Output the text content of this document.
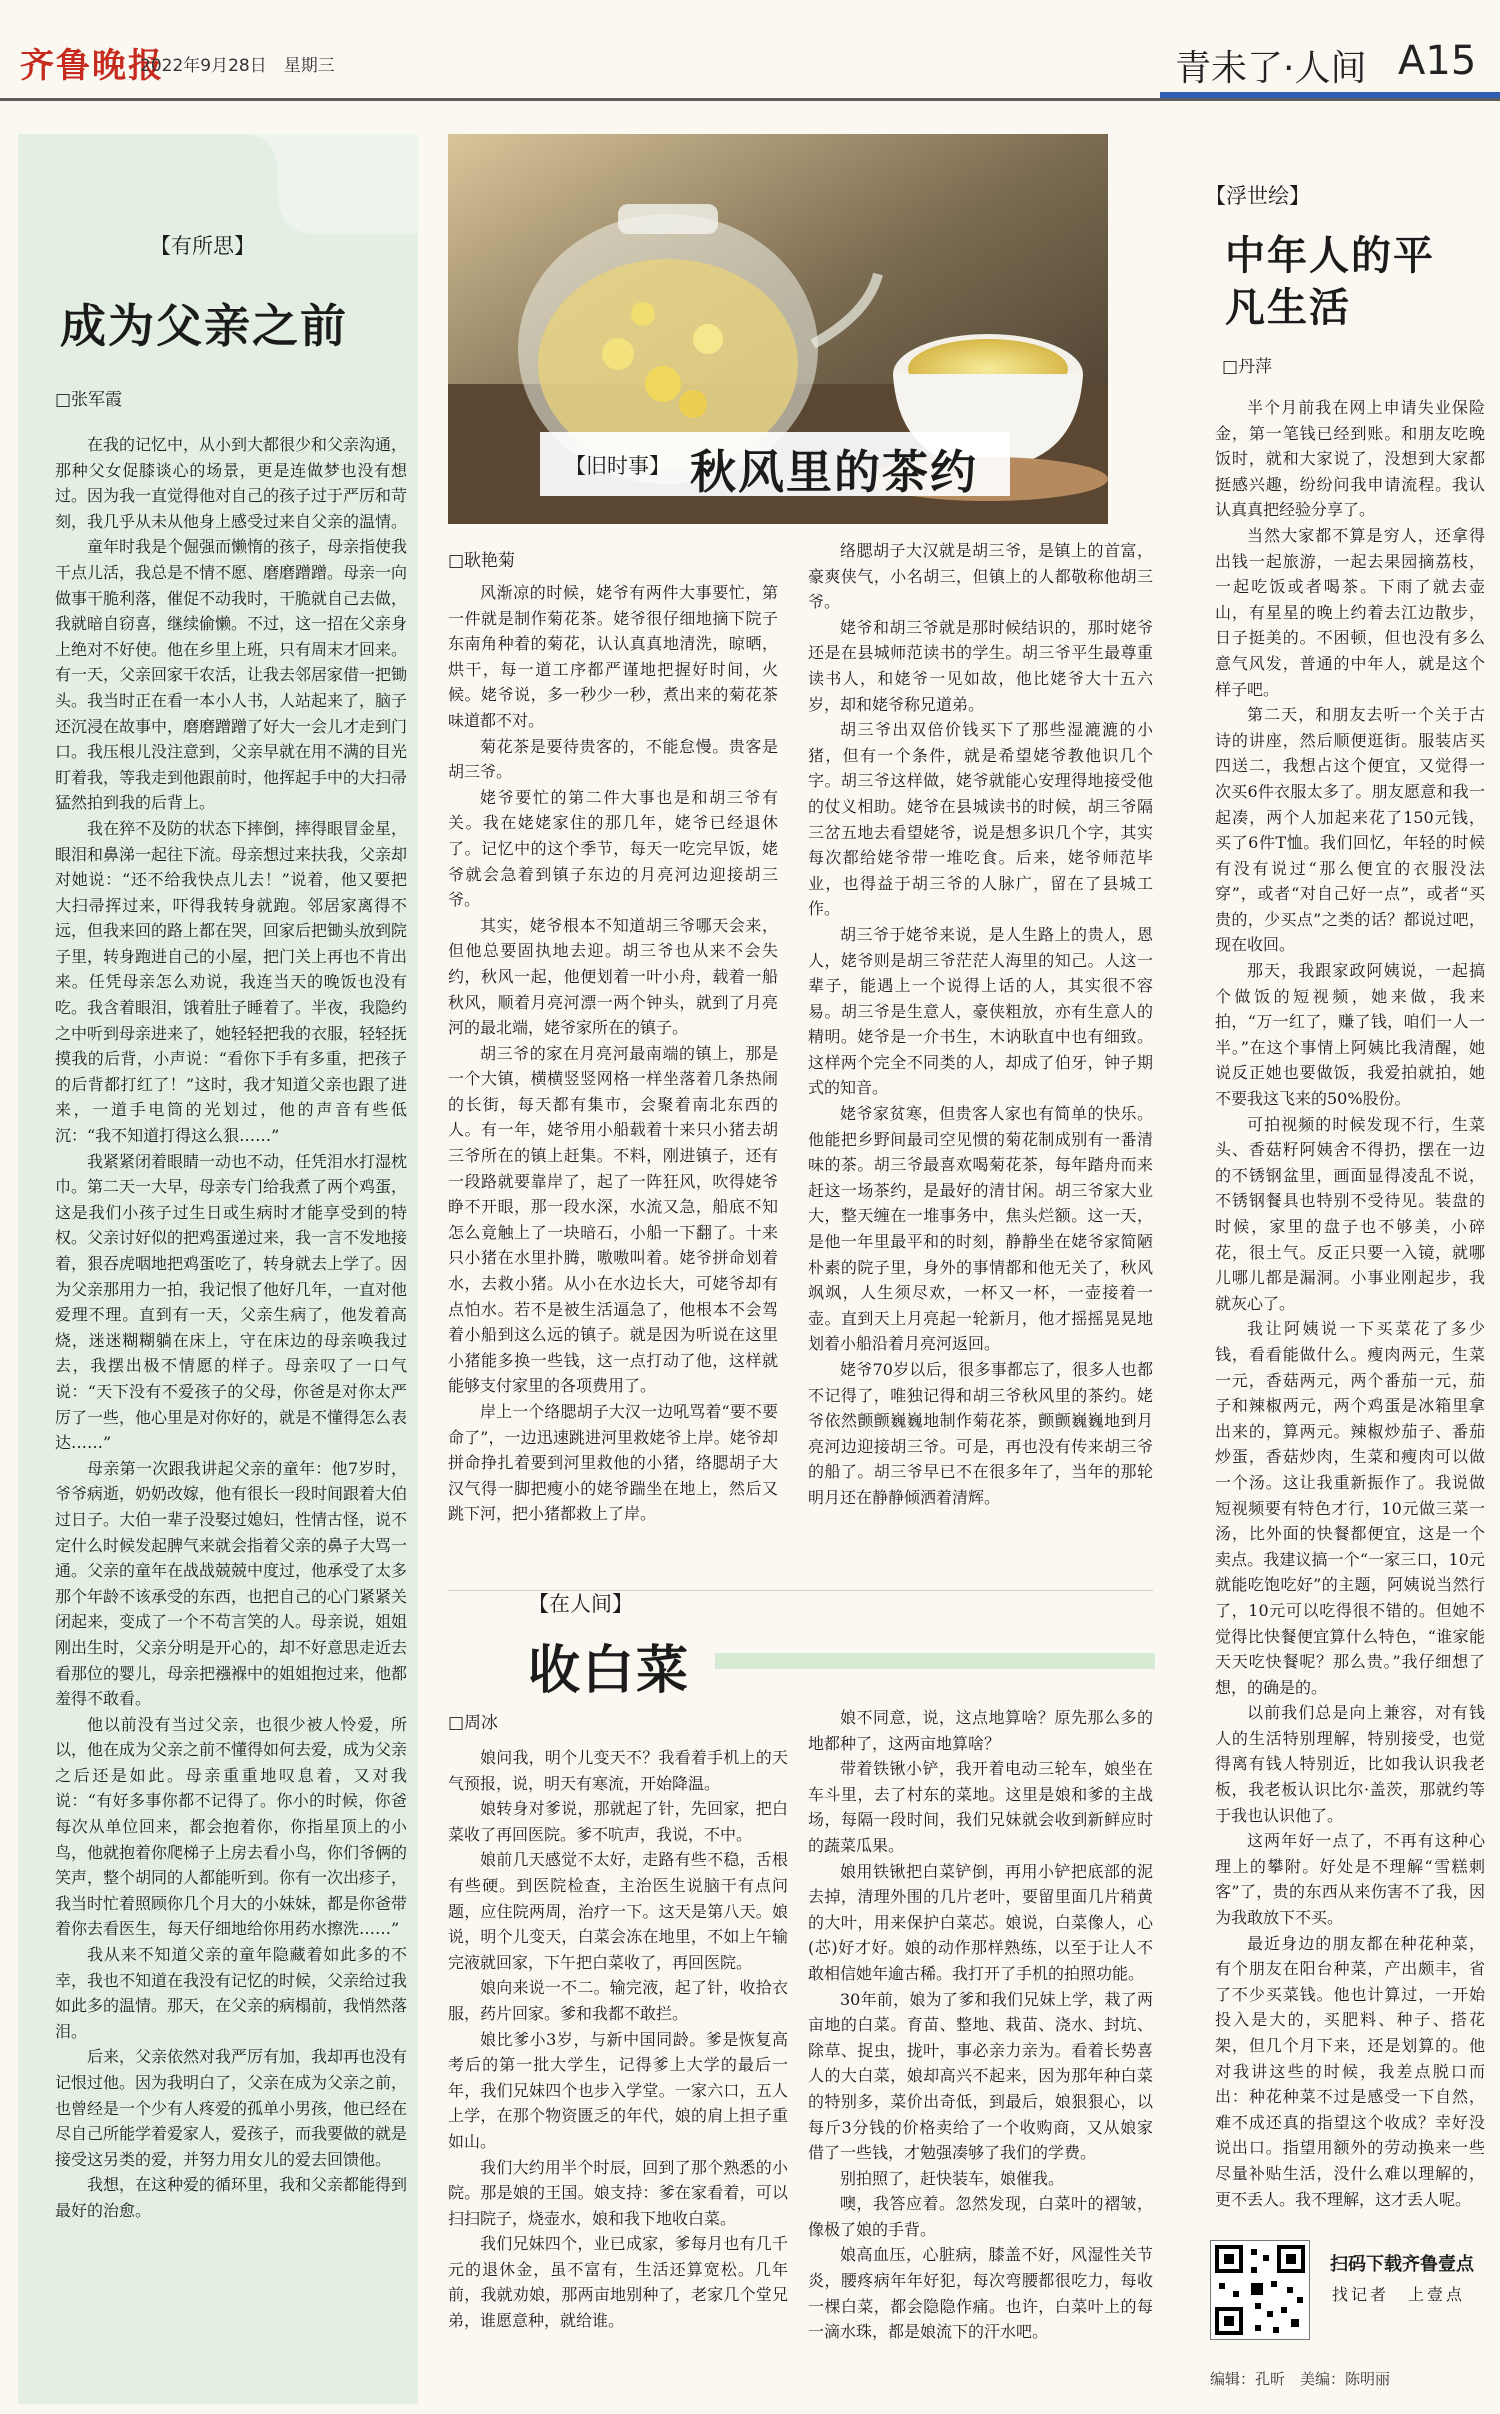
齐鲁晚报
2022年9月28日　星期三	青未了·人间 A15
【有所思】
成为父亲之前
□张军霞

在我的记忆中，从小到大都很少和父亲沟通，那种父女促膝谈心的场景，更是连做梦也没有想过。因为我一直觉得他对自己的孩子过于严厉和苛刻，我几乎从未从他身上感受过来自父亲的温情。

童年时我是个倔强而懒惰的孩子，母亲指使我干点儿活，我总是不情不愿、磨磨蹭蹭。母亲一向做事干脆利落，催促不动我时，干脆就自己去做，我就暗自窃喜，继续偷懒。不过，这一招在父亲身上绝对不好使。他在乡里上班，只有周末才回来。有一天，父亲回家干农活，让我去邻居家借一把锄头。我当时正在看一本小人书，人站起来了，脑子还沉浸在故事中，磨磨蹭蹭了好大一会儿才走到门口。我压根儿没注意到，父亲早就在用不满的目光盯着我，等我走到他跟前时，他挥起手中的大扫帚猛然拍到我的后背上。

我在猝不及防的状态下摔倒，摔得眼冒金星，眼泪和鼻涕一起往下流。母亲想过来扶我，父亲却对她说：“还不给我快点儿去！”说着，他又要把大扫帚挥过来，吓得我转身就跑。邻居家离得不远，但我来回的路上都在哭，回家后把锄头放到院子里，转身跑进自己的小屋，把门关上再也不肯出来。任凭母亲怎么劝说，我连当天的晚饭也没有吃。我含着眼泪，饿着肚子睡着了。半夜，我隐约之中听到母亲进来了，她轻轻把我的衣服，轻轻抚摸我的后背，小声说：“看你下手有多重，把孩子的后背都打红了！”这时，我才知道父亲也跟了进来，一道手电筒的光划过，他的声音有些低沉：“我不知道打得这么狠……”

我紧紧闭着眼睛一动也不动，任凭泪水打湿枕巾。第二天一大早，母亲专门给我煮了两个鸡蛋，这是我们小孩子过生日或生病时才能享受到的特权。父亲讨好似的把鸡蛋递过来，我一言不发地接着，狠吞虎咽地把鸡蛋吃了，转身就去上学了。因为父亲那用力一拍，我记恨了他好几年，一直对他爱理不理。直到有一天，父亲生病了，他发着高烧，迷迷糊糊躺在床上，守在床边的母亲唤我过去，我摆出极不情愿的样子。母亲叹了一口气说：“天下没有不爱孩子的父母，你爸是对你太严厉了一些，他心里是对你好的，就是不懂得怎么表达……”

母亲第一次跟我讲起父亲的童年：他7岁时，爷爷病逝，奶奶改嫁，他有很长一段时间跟着大伯过日子。大伯一辈子没娶过媳妇，性情古怪，说不定什么时候发起脾气来就会指着父亲的鼻子大骂一通。父亲的童年在战战兢兢中度过，他承受了太多那个年龄不该承受的东西，也把自己的心门紧紧关闭起来，变成了一个不苟言笑的人。母亲说，姐姐刚出生时，父亲分明是开心的，却不好意思走近去看那位的婴儿，母亲把襁褓中的姐姐抱过来，他都羞得不敢看。

他以前没有当过父亲，也很少被人怜爱，所以，他在成为父亲之前不懂得如何去爱，成为父亲之后还是如此。母亲重重地叹息着，又对我说：“有好多事你都不记得了。你小的时候，你爸每次从单位回来，都会抱着你，你指星顶上的小鸟，他就抱着你爬梯子上房去看小鸟，你们爷俩的笑声，整个胡同的人都能听到。你有一次出疹子，我当时忙着照顾你几个月大的小妹妹，都是你爸带着你去看医生，每天仔细地给你用药水擦洗……”

我从来不知道父亲的童年隐藏着如此多的不幸，我也不知道在我没有记忆的时候，父亲给过我如此多的温情。那天，在父亲的病榻前，我悄然落泪。

后来，父亲依然对我严厉有加，我却再也没有记恨过他。因为我明白了，父亲在成为父亲之前，也曾经是一个少有人疼爱的孤单小男孩，他已经在尽自己所能学着爱家人，爱孩子，而我要做的就是接受这另类的爱，并努力用女儿的爱去回馈他。

我想，在这种爱的循环里，我和父亲都能得到最好的治愈。

【旧时事】 秋风里的茶约
□耿艳菊

风渐凉的时候，姥爷有两件大事要忙，第一件就是制作菊花茶。姥爷很仔细地摘下院子东南角种着的菊花，认认真真地清洗，晾晒，烘干，每一道工序都严谨地把握好时间，火候。姥爷说，多一秒少一秒，煮出来的菊花茶味道都不对。

菊花茶是要待贵客的，不能怠慢。贵客是胡三爷。

姥爷要忙的第二件大事也是和胡三爷有关。我在姥姥家住的那几年，姥爷已经退休了。记忆中的这个季节，每天一吃完早饭，姥爷就会急着到镇子东边的月亮河边迎接胡三爷。

其实，姥爷根本不知道胡三爷哪天会来，但他总要固执地去迎。胡三爷也从来不会失约，秋风一起，他便划着一叶小舟，载着一船秋风，顺着月亮河漂一两个钟头，就到了月亮河的最北端，姥爷家所在的镇子。

胡三爷的家在月亮河最南端的镇上，那是一个大镇，横横竖竖网格一样坐落着几条热闹的长街，每天都有集市，会聚着南北东西的人。有一年，姥爷用小船载着十来只小猪去胡三爷所在的镇上赶集。不料，刚进镇子，还有一段路就要靠岸了，起了一阵狂风，吹得姥爷睁不开眼，那一段水深，水流又急，船底不知怎么竟触上了一块暗石，小船一下翻了。十来只小猪在水里扑腾，嗷嗷叫着。姥爷拼命划着水，去救小猪。从小在水边长大，可姥爷却有点怕水。若不是被生活逼急了，他根本不会驾着小船到这么远的镇子。就是因为听说在这里小猪能多换一些钱，这一点打动了他，这样就能够支付家里的各项费用了。

岸上一个络腮胡子大汉一边吼骂着“要不要命了”，一边迅速跳进河里救姥爷上岸。姥爷却拼命挣扎着要到河里救他的小猪，络腮胡子大汉气得一脚把瘦小的姥爷踹坐在地上，然后又跳下河，把小猪都救上了岸。

络腮胡子大汉就是胡三爷，是镇上的首富，豪爽侠气，小名胡三，但镇上的人都敬称他胡三爷。

姥爷和胡三爷就是那时候结识的，那时姥爷还是在县城师范读书的学生。胡三爷平生最尊重读书人，和姥爷一见如故，他比姥爷大十五六岁，却和姥爷称兄道弟。

胡三爷出双倍价钱买下了那些湿漉漉的小猪，但有一个条件，就是希望姥爷教他识几个字。胡三爷这样做，姥爷就能心安理得地接受他的仗义相助。姥爷在县城读书的时候，胡三爷隔三岔五地去看望姥爷，说是想多识几个字，其实每次都给姥爷带一堆吃食。后来，姥爷师范毕业，也得益于胡三爷的人脉广，留在了县城工作。

胡三爷于姥爷来说，是人生路上的贵人，恩人，姥爷则是胡三爷茫茫人海里的知己。人这一辈子，能遇上一个说得上话的人，其实很不容易。胡三爷是生意人，豪侠粗放，亦有生意人的精明。姥爷是一介书生，木讷耿直中也有细致。这样两个完全不同类的人，却成了伯牙，钟子期式的知音。

姥爷家贫寒，但贵客人家也有简单的快乐。他能把乡野间最司空见惯的菊花制成别有一番清味的茶。胡三爷最喜欢喝菊花茶，每年踏舟而来赶这一场茶约，是最好的清甘闲。胡三爷家大业大，整天缠在一堆事务中，焦头烂额。这一天，是他一年里最平和的时刻，静静坐在姥爷家简陋朴素的院子里，身外的事情都和他无关了，秋风飒飒，人生须尽欢，一杯又一杯，一壶接着一壶。直到天上月亮起一轮新月，他才摇摇晃晃地划着小船沿着月亮河返回。

姥爷70岁以后，很多事都忘了，很多人也都不记得了，唯独记得和胡三爷秋风里的茶约。姥爷依然颤颤巍巍地制作菊花茶，颤颤巍巍地到月亮河边迎接胡三爷。可是，再也没有传来胡三爷的船了。胡三爷早已不在很多年了，当年的那轮明月还在静静倾洒着清辉。

【在人间】
收白菜
□周冰

娘问我，明个儿变天不？我看着手机上的天气预报，说，明天有寒流，开始降温。

娘转身对爹说，那就起了针，先回家，把白菜收了再回医院。爹不吭声，我说，不中。

娘前几天感觉不太好，走路有些不稳，舌根有些硬。到医院检查，主治医生说脑干有点问题，应住院两周，治疗一下。这天是第八天。娘说，明个儿变天，白菜会冻在地里，不如上午输完液就回家，下午把白菜收了，再回医院。

娘向来说一不二。输完液，起了针，收拾衣服，药片回家。爹和我都不敢拦。

娘比爹小3岁，与新中国同龄。爹是恢复高考后的第一批大学生，记得爹上大学的最后一年，我们兄妹四个也步入学堂。一家六口，五人上学，在那个物资匮乏的年代，娘的肩上担子重如山。

我们大约用半个时辰，回到了那个熟悉的小院。那是娘的王国。娘支持：爹在家看着，可以扫扫院子，烧壶水，娘和我下地收白菜。

我们兄妹四个，业已成家，爹每月也有几千元的退休金，虽不富有，生活还算宽松。几年前，我就劝娘，那两亩地别种了，老家几个堂兄弟，谁愿意种，就给谁。

娘不同意，说，这点地算啥？原先那么多的地都种了，这两亩地算啥？

带着铁锹小铲，我开着电动三轮车，娘坐在车斗里，去了村东的菜地。这里是娘和爹的主战场，每隔一段时间，我们兄妹就会收到新鲜应时的蔬菜瓜果。

娘用铁锹把白菜铲倒，再用小铲把底部的泥去掉，清理外围的几片老叶，要留里面几片稍黄的大叶，用来保护白菜芯。娘说，白菜像人，心(芯)好才好。娘的动作那样熟练，以至于让人不敢相信她年逾古稀。我打开了手机的拍照功能。

30年前，娘为了爹和我们兄妹上学，栽了两亩地的白菜。育苗、整地、栽苗、浇水、封坑、除草、捉虫，拢叶，事必亲力亲为。看着长势喜人的大白菜，娘却高兴不起来，因为那年种白菜的特别多，菜价出奇低，到最后，娘狠狠心，以每斤3分钱的价格卖给了一个收购商，又从娘家借了一些钱，才勉强凑够了我们的学费。

别拍照了，赶快装车，娘催我。

噢，我答应着。忽然发现，白菜叶的褶皱，像极了娘的手背。

娘高血压，心脏病，膝盖不好，风湿性关节炎，腰疼病年年好犯，每次弯腰都很吃力，每收一棵白菜，都会隐隐作痛。也许，白菜叶上的每一滴水珠，都是娘流下的汗水吧。

【浮世绘】
中年人的平凡生活
□丹萍

半个月前我在网上申请失业保险金，第一笔钱已经到账。和朋友吃晚饭时，就和大家说了，没想到大家都挺感兴趣，纷纷问我申请流程。我认认真真把经验分享了。

当然大家都不算是穷人，还拿得出钱一起旅游，一起去果园摘荔枝，一起吃饭或者喝茶。下雨了就去壶山，有星星的晚上约着去江边散步，日子挺美的。不困顿，但也没有多么意气风发，普通的中年人，就是这个样子吧。

第二天，和朋友去听一个关于古诗的讲座，然后顺便逛街。服装店买四送二，我想占这个便宜，又觉得一次买6件衣服太多了。朋友愿意和我一起凑，两个人加起来花了150元钱，买了6件T恤。我们回忆，年轻的时候有没有说过“那么便宜的衣服没法穿”，或者“对自己好一点”，或者“买贵的，少买点”之类的话？都说过吧，现在收回。

那天，我跟家政阿姨说，一起搞个做饭的短视频，她来做，我来拍，“万一红了，赚了钱，咱们一人一半。”在这个事情上阿姨比我清醒，她说反正她也要做饭，我爱拍就拍，她不要我这飞来的50%股份。

可拍视频的时候发现不行，生菜头、香菇籽阿姨舍不得扔，摆在一边的不锈钢盆里，画面显得凌乱不说，不锈钢餐具也特别不受待见。装盘的时候，家里的盘子也不够美，小碎花，很土气。反正只要一入镜，就哪儿哪儿都是漏洞。小事业刚起步，我就灰心了。

我让阿姨说一下买菜花了多少钱，看看能做什么。瘦肉两元，生菜一元，香菇两元，两个番茄一元，茄子和辣椒两元，两个鸡蛋是冰箱里拿出来的，算两元。辣椒炒茄子、番茄炒蛋，香菇炒肉，生菜和瘦肉可以做一个汤。这让我重新振作了。我说做短视频要有特色才行，10元做三菜一汤，比外面的快餐都便宜，这是一个卖点。我建议搞一个“一家三口，10元就能吃饱吃好”的主题，阿姨说当然行了，10元可以吃得很不错的。但她不觉得比快餐便宜算什么特色，“谁家能天天吃快餐呢？那么贵。”我仔细想了想，的确是的。

以前我们总是向上兼容，对有钱人的生活特别理解，特别接受，也觉得离有钱人特别近，比如我认识我老板，我老板认识比尔·盖茨，那就约等于我也认识他了。

这两年好一点了，不再有这种心理上的攀附。好处是不理解“雪糕刺客”了，贵的东西从来伤害不了我，因为我敢放下不买。

最近身边的朋友都在种花种菜，有个朋友在阳台种菜，产出颇丰，省了不少买菜钱。他也计算过，一开始投入是大的，买肥料、种子、搭花架，但几个月下来，还是划算的。他对我讲这些的时候，我差点脱口而出：种花种菜不过是感受一下自然，难不成还真的指望这个收成？幸好没说出口。指望用额外的劳动换来一些尽量补贴生活，没什么难以理解的，更不丢人。我不理解，这才丢人呢。

扫码下载齐鲁壹点
找记者　上壹点
编辑：孔昕　美编：陈明丽
